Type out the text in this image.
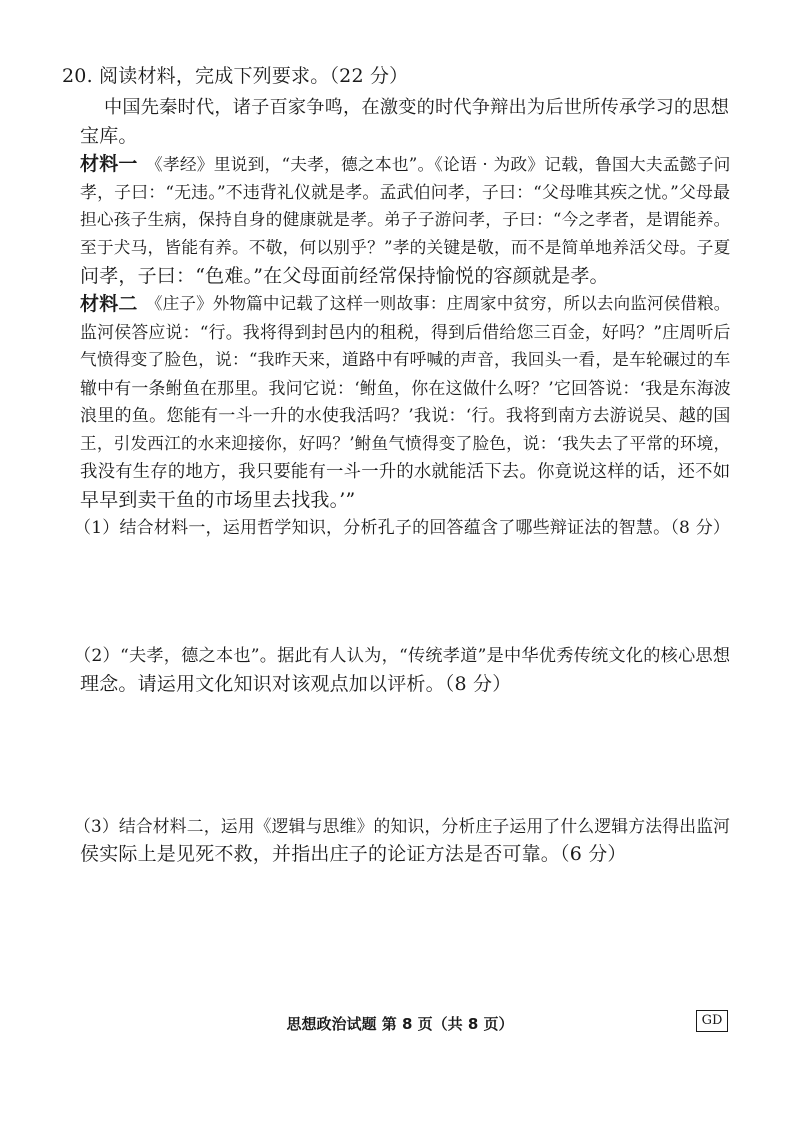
20. 阅读材料，完成下列要求。（22 分）
中国先秦时代，诸子百家争鸣，在激变的时代争辩出为后世所传承学习的思想
宝库。
材料一 《孝经》里说到，“夫孝，德之本也”。《论语 · 为政》记载，鲁国大夫孟懿子问
孝，子曰：“无违。”不违背礼仪就是孝。孟武伯问孝，子曰：“父母唯其疾之忧。”父母最
担心孩子生病，保持自身的健康就是孝。弟子子游问孝，子曰：“今之孝者，是谓能养。
至于犬马，皆能有养。不敬，何以别乎？”孝的关键是敬，而不是简单地养活父母。子夏
问孝，子曰：“色难。”在父母面前经常保持愉悦的容颜就是孝。
材料二 《庄子》外物篇中记载了这样一则故事：庄周家中贫穷，所以去向监河侯借粮。
监河侯答应说：“行。我将得到封邑内的租税，得到后借给您三百金，好吗？”庄周听后
气愤得变了脸色，说：“我昨天来，道路中有呼喊的声音，我回头一看，是车轮碾过的车
辙中有一条鲋鱼在那里。我问它说：‘鲋鱼，你在这做什么呀？’它回答说：‘我是东海波
浪里的鱼。您能有一斗一升的水使我活吗？’我说：‘行。我将到南方去游说吴、越的国
王，引发西江的水来迎接你，好吗？’鲋鱼气愤得变了脸色，说：‘我失去了平常的环境，
我没有生存的地方，我只要能有一斗一升的水就能活下去。你竟说这样的话，还不如
早早到卖干鱼的市场里去找我。’”
（1）结合材料一，运用哲学知识，分析孔子的回答蕴含了哪些辩证法的智慧。（8 分）
（2）“夫孝，德之本也”。据此有人认为，“传统孝道”是中华优秀传统文化的核心思想
理念。请运用文化知识对该观点加以评析。（8 分）
（3）结合材料二，运用《逻辑与思维》的知识，分析庄子运用了什么逻辑方法得出监河
侯实际上是见死不救，并指出庄子的论证方法是否可靠。（6 分）
思想政治试题 第 8 页（共 8 页）	GD
